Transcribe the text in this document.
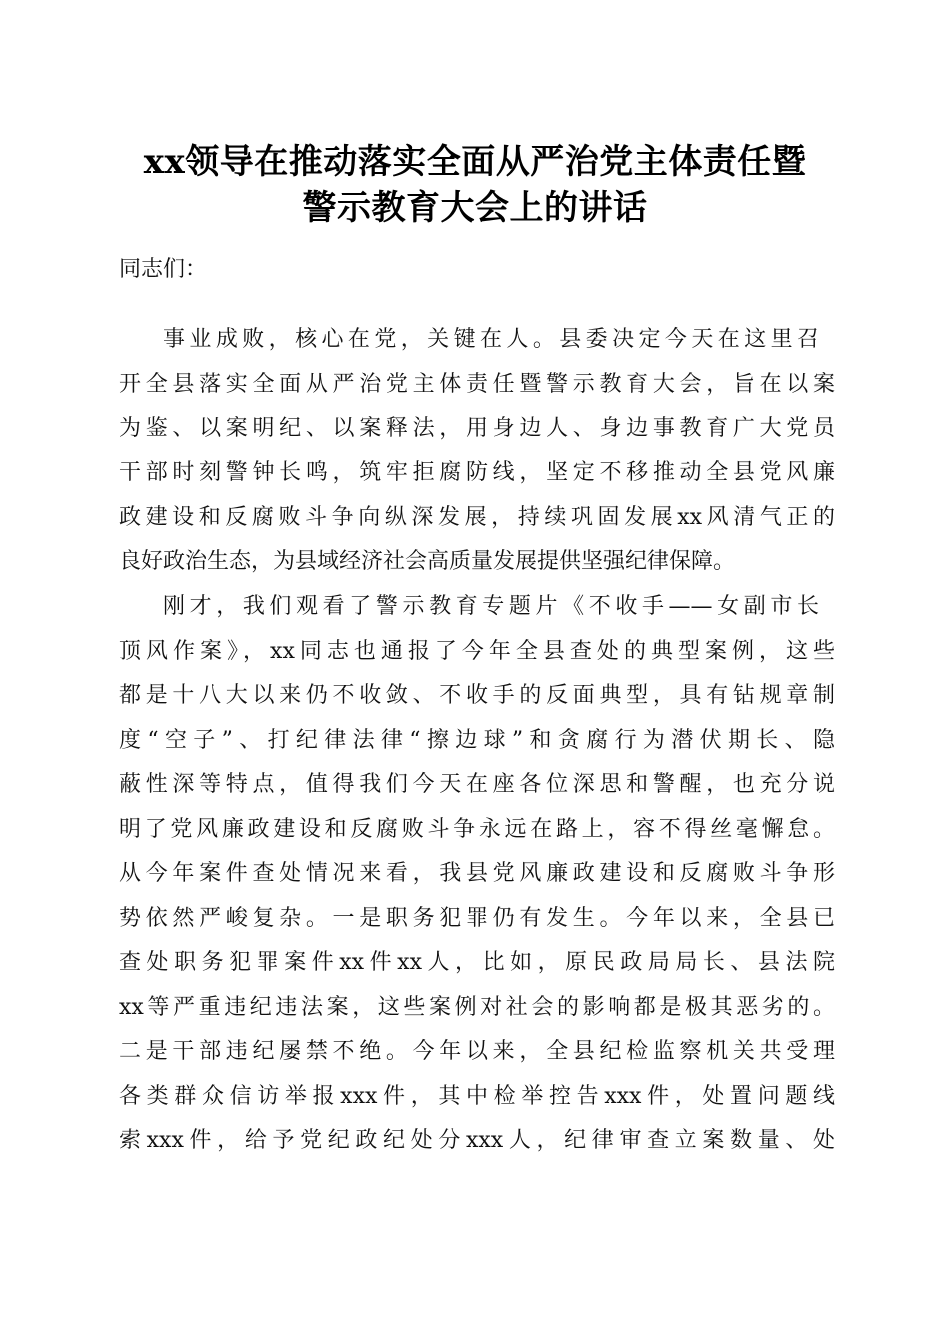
xx领导在推动落实全面从严治党主体责任暨
警示教育大会上的讲话
同志们：
事业成败，核心在党，关键在人。县委决定今天在这里召
开全县落实全面从严治党主体责任暨警示教育大会，旨在以案
为鉴、以案明纪、以案释法，用身边人、身边事教育广大党员
干部时刻警钟长鸣，筑牢拒腐防线，坚定不移推动全县党风廉
政建设和反腐败斗争向纵深发展，持续巩固发展xx风清气正的
良好政治生态，为县域经济社会高质量发展提供坚强纪律保障。
刚才，我们观看了警示教育专题片《不收手——女副市长
顶风作案》，xx同志也通报了今年全县查处的典型案例，这些
都是十八大以来仍不收敛、不收手的反面典型，具有钻规章制
度“空子”、打纪律法律“擦边球”和贪腐行为潜伏期长、隐
蔽性深等特点，值得我们今天在座各位深思和警醒，也充分说
明了党风廉政建设和反腐败斗争永远在路上，容不得丝毫懈怠。
从今年案件查处情况来看，我县党风廉政建设和反腐败斗争形
势依然严峻复杂。一是职务犯罪仍有发生。今年以来，全县已
查处职务犯罪案件xx件xx人，比如，原民政局局长、县法院
xx等严重违纪违法案，这些案例对社会的影响都是极其恶劣的。
二是干部违纪屡禁不绝。今年以来，全县纪检监察机关共受理
各类群众信访举报xxx件，其中检举控告xxx件，处置问题线
索xxx件，给予党纪政纪处分xxx人，纪律审查立案数量、处
